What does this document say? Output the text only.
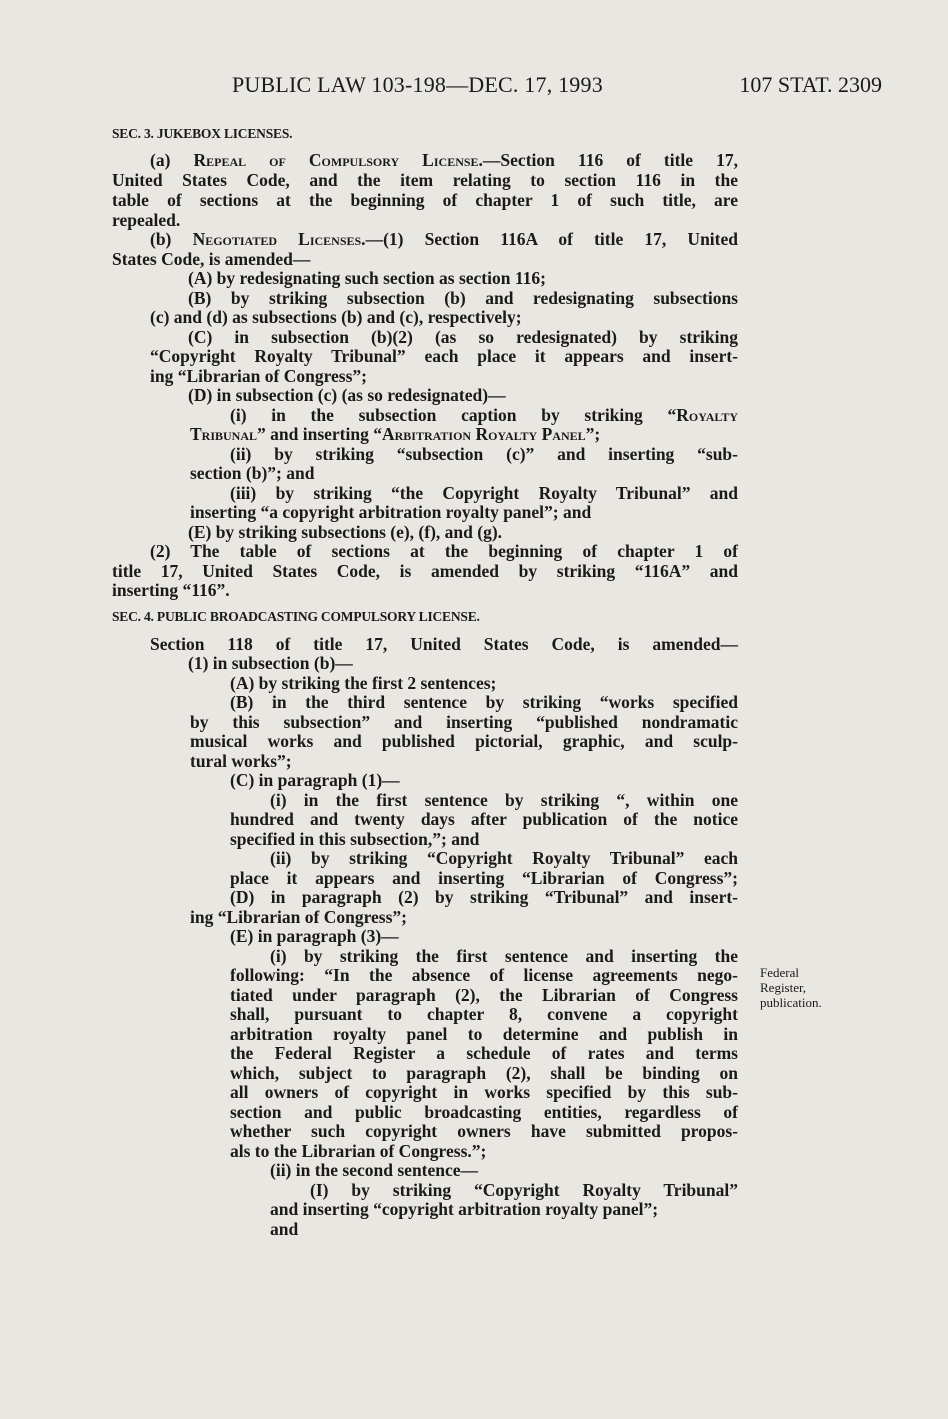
PUBLIC LAW 103-198—DEC. 17, 1993	107 STAT. 2309
SEC. 3. JUKEBOX LICENSES.
(a) Repeal of Compulsory License.—Section 116 of title 17,
United States Code, and the item relating to section 116 in the
table of sections at the beginning of chapter 1 of such title, are
repealed.
(b) Negotiated Licenses.—(1) Section 116A of title 17, United
States Code, is amended—
(A) by redesignating such section as section 116;
(B) by striking subsection (b) and redesignating subsections
(c) and (d) as subsections (b) and (c), respectively;
(C) in subsection (b)(2) (as so redesignated) by striking
“Copyright Royalty Tribunal” each place it appears and insert-
ing “Librarian of Congress”;
(D) in subsection (c) (as so redesignated)—
(i) in the subsection caption by striking “Royalty
Tribunal” and inserting “Arbitration Royalty Panel”;
(ii) by striking “subsection (c)” and inserting “sub-
section (b)”; and
(iii) by striking “the Copyright Royalty Tribunal” and
inserting “a copyright arbitration royalty panel”; and
(E) by striking subsections (e), (f), and (g).
(2) The table of sections at the beginning of chapter 1 of
title 17, United States Code, is amended by striking “116A” and
inserting “116”.
SEC. 4. PUBLIC BROADCASTING COMPULSORY LICENSE.
Section 118 of title 17, United States Code, is amended—
(1) in subsection (b)—
(A) by striking the first 2 sentences;
(B) in the third sentence by striking “works specified
by this subsection” and inserting “published nondramatic
musical works and published pictorial, graphic, and sculp-
tural works”;
(C) in paragraph (1)—
(i) in the first sentence by striking “, within one
hundred and twenty days after publication of the notice
specified in this subsection,”; and
(ii) by striking “Copyright Royalty Tribunal” each
place it appears and inserting “Librarian of Congress”;
(D) in paragraph (2) by striking “Tribunal” and insert-
ing “Librarian of Congress”;
(E) in paragraph (3)—
(i) by striking the first sentence and inserting the
following: “In the absence of license agreements nego-
tiated under paragraph (2), the Librarian of Congress
shall, pursuant to chapter 8, convene a copyright
arbitration royalty panel to determine and publish in
the Federal Register a schedule of rates and terms
which, subject to paragraph (2), shall be binding on
all owners of copyright in works specified by this sub-
section and public broadcasting entities, regardless of
whether such copyright owners have submitted propos-
als to the Librarian of Congress.”;
(ii) in the second sentence—
(I) by striking “Copyright Royalty Tribunal”
and inserting “copyright arbitration royalty panel”;
and
Federal
Register,
publication.
